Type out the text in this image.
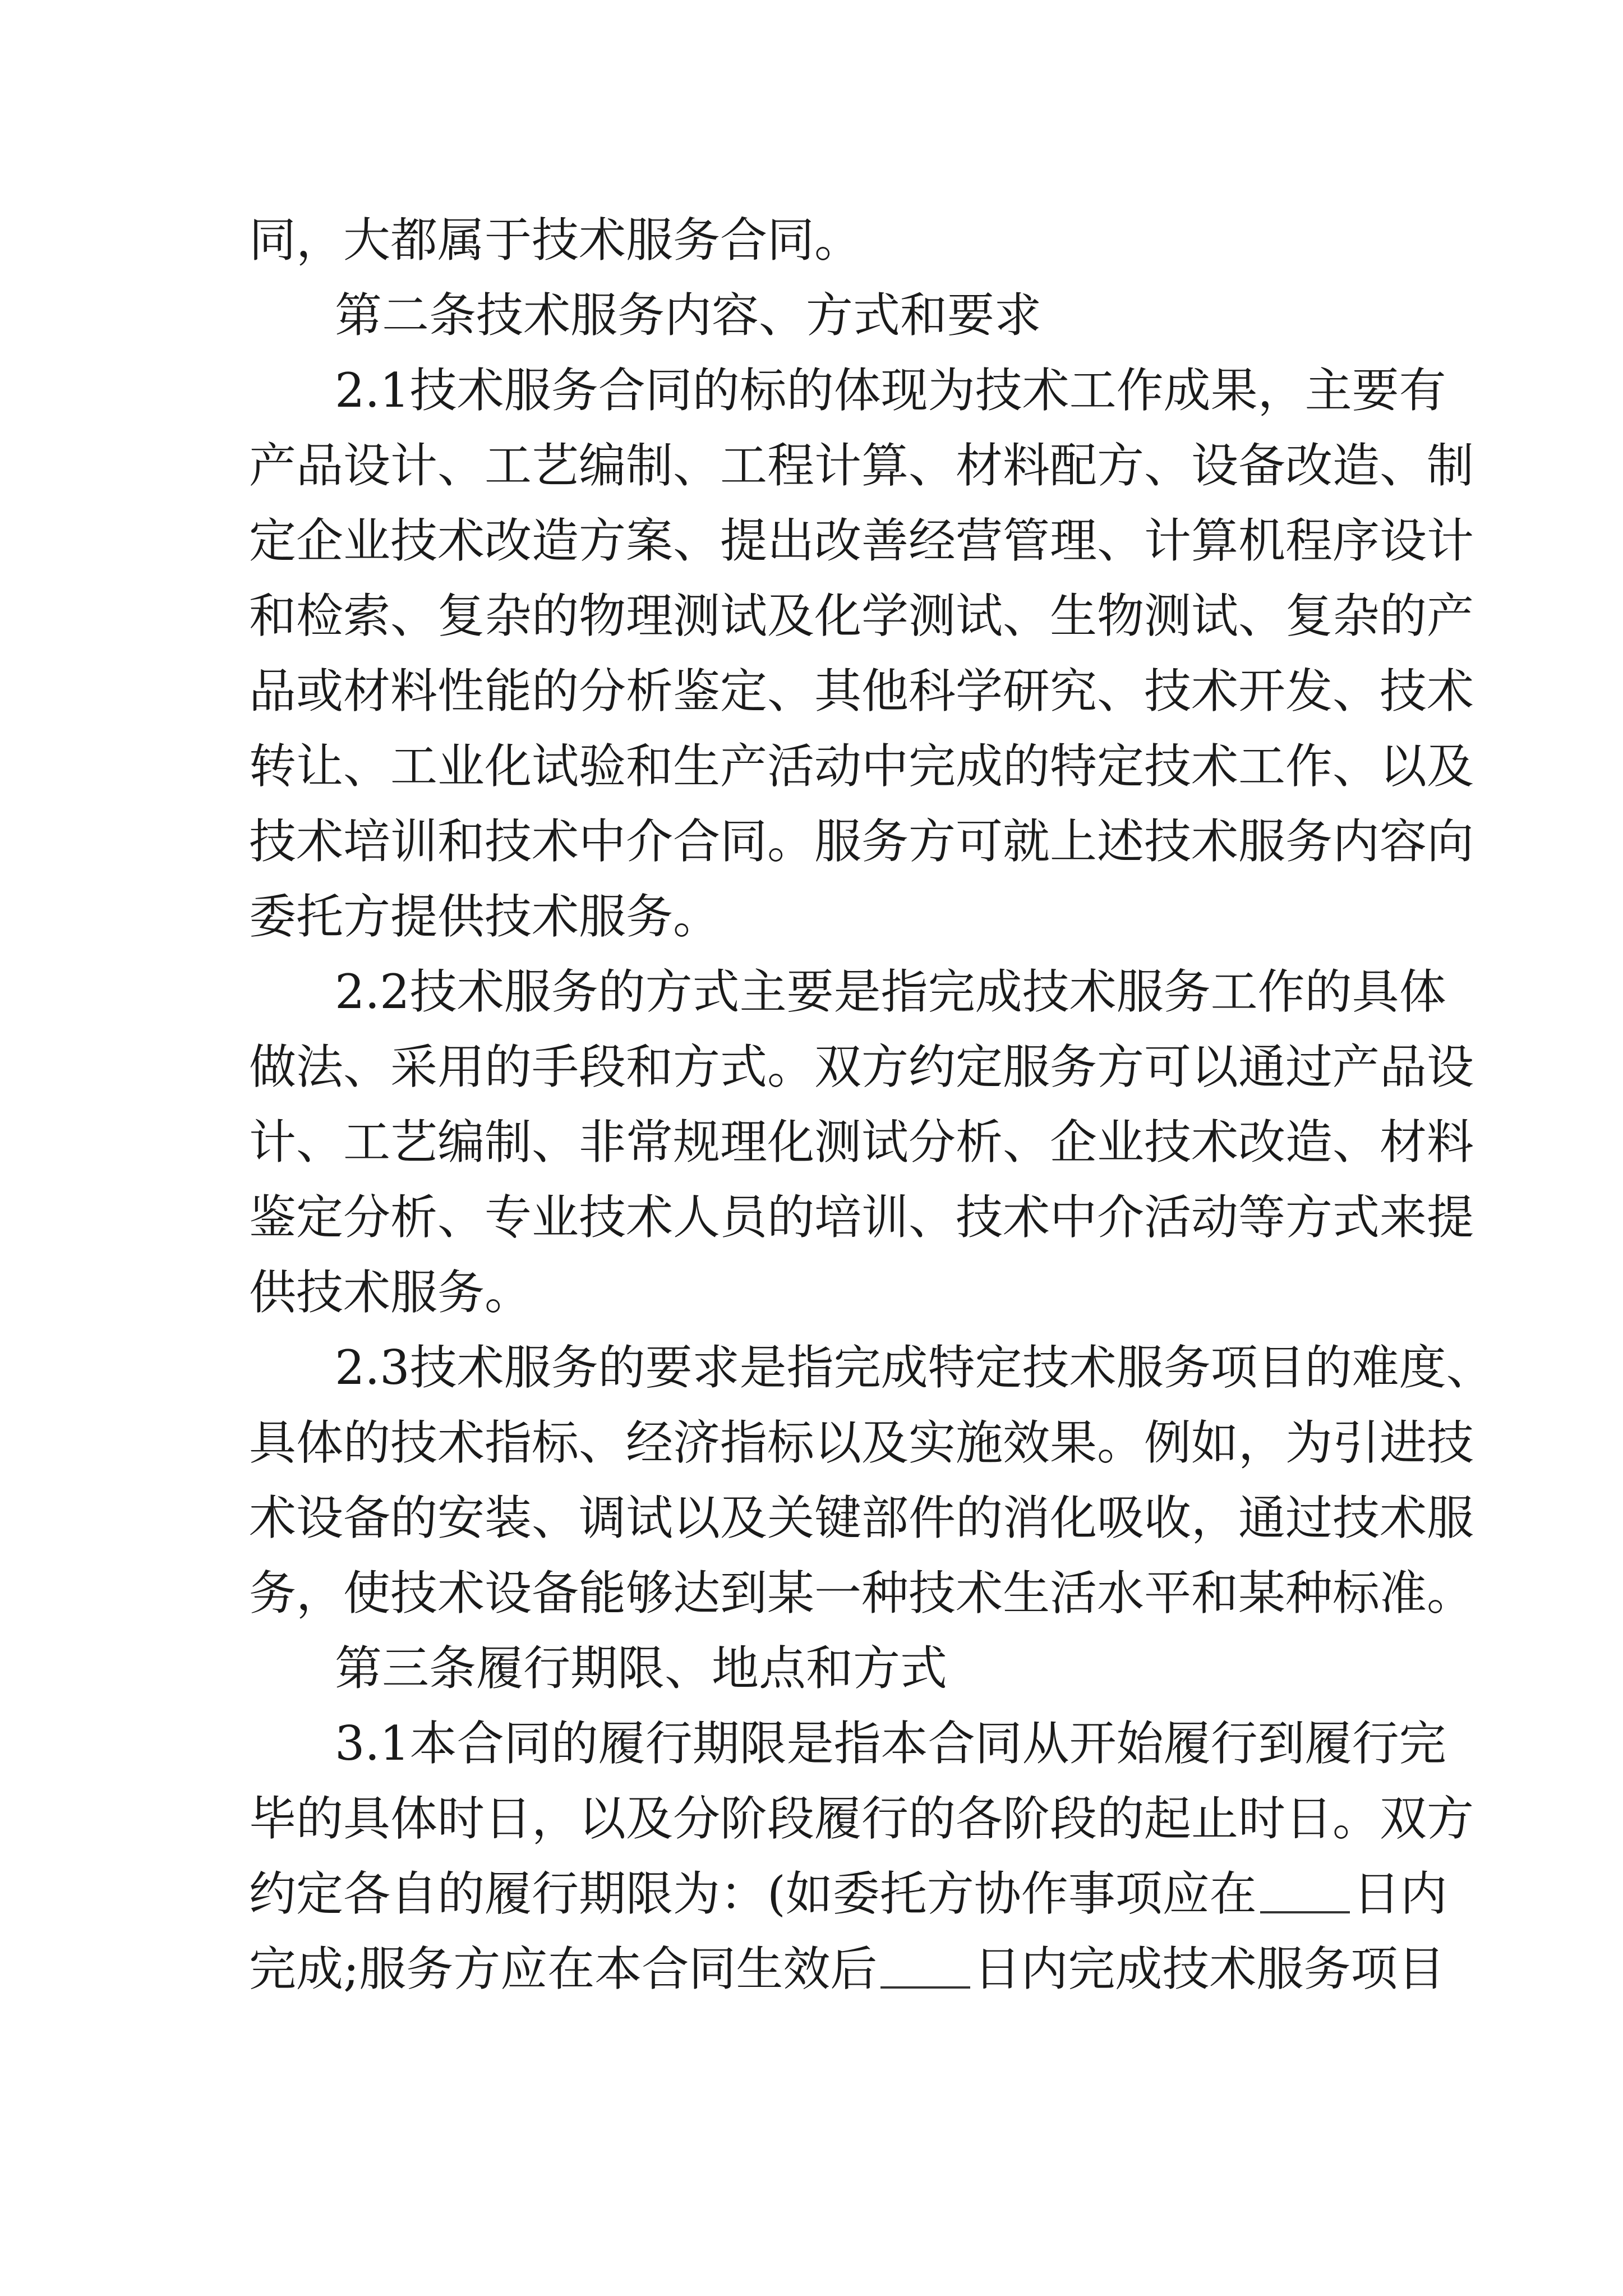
同，大都属于技术服务合同。
第二条技术服务内容、方式和要求
2.1技术服务合同的标的体现为技术工作成果，主要有
产品设计、工艺编制、工程计算、材料配方、设备改造、制
定企业技术改造方案、提出改善经营管理、计算机程序设计
和检索、复杂的物理测试及化学测试、生物测试、复杂的产
品或材料性能的分析鉴定、其他科学研究、技术开发、技术
转让、工业化试验和生产活动中完成的特定技术工作、以及
技术培训和技术中介合同。服务方可就上述技术服务内容向
委托方提供技术服务。
2.2技术服务的方式主要是指完成技术服务工作的具体
做法、采用的手段和方式。双方约定服务方可以通过产品设
计、工艺编制、非常规理化测试分析、企业技术改造、材料
鉴定分析、专业技术人员的培训、技术中介活动等方式来提
供技术服务。
2.3技术服务的要求是指完成特定技术服务项目的难度、
具体的技术指标、经济指标以及实施效果。例如，为引进技
术设备的安装、调试以及关键部件的消化吸收，通过技术服
务，使技术设备能够达到某一种技术生活水平和某种标准。
第三条履行期限、地点和方式
3.1本合同的履行期限是指本合同从开始履行到履行完
毕的具体时日，以及分阶段履行的各阶段的起止时日。双方
约定各自的履行期限为：(如委托方协作事项应在 日内
完成;服务方应在本合同生效后 日内完成技术服务项目
